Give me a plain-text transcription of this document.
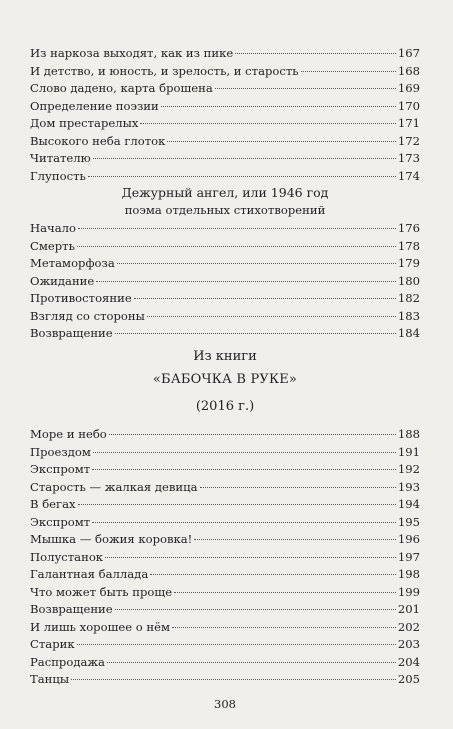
Из наркоза выходят, как из пике	167
И детство, и юность, и зрелость, и старость	168
Слово дадено, карта брошена	169
Определение поэзии	170
Дом престарелых	171
Высокого неба глоток	172
Читателю	173
Глупость	174
Дежурный ангел, или 1946 год
поэма отдельных стихотворений
Начало	176
Смерть	178
Метаморфоза	179
Ожидание	180
Противостояние	182
Взгляд со стороны	183
Возвращение	184
Из книги
«БАБОЧКА В РУКЕ»
(2016 г.)
Море и небо	188
Проездом	191
Экспромт	192
Старость — жалкая девица	193
В бегах	194
Экспромт	195
Мышка — божия коровка!	196
Полустанок	197
Галантная баллада	198
Что может быть проще	199
Возвращение	201
И лишь хорошее о нём	202
Старик	203
Распродажа	204
Танцы	205
308
